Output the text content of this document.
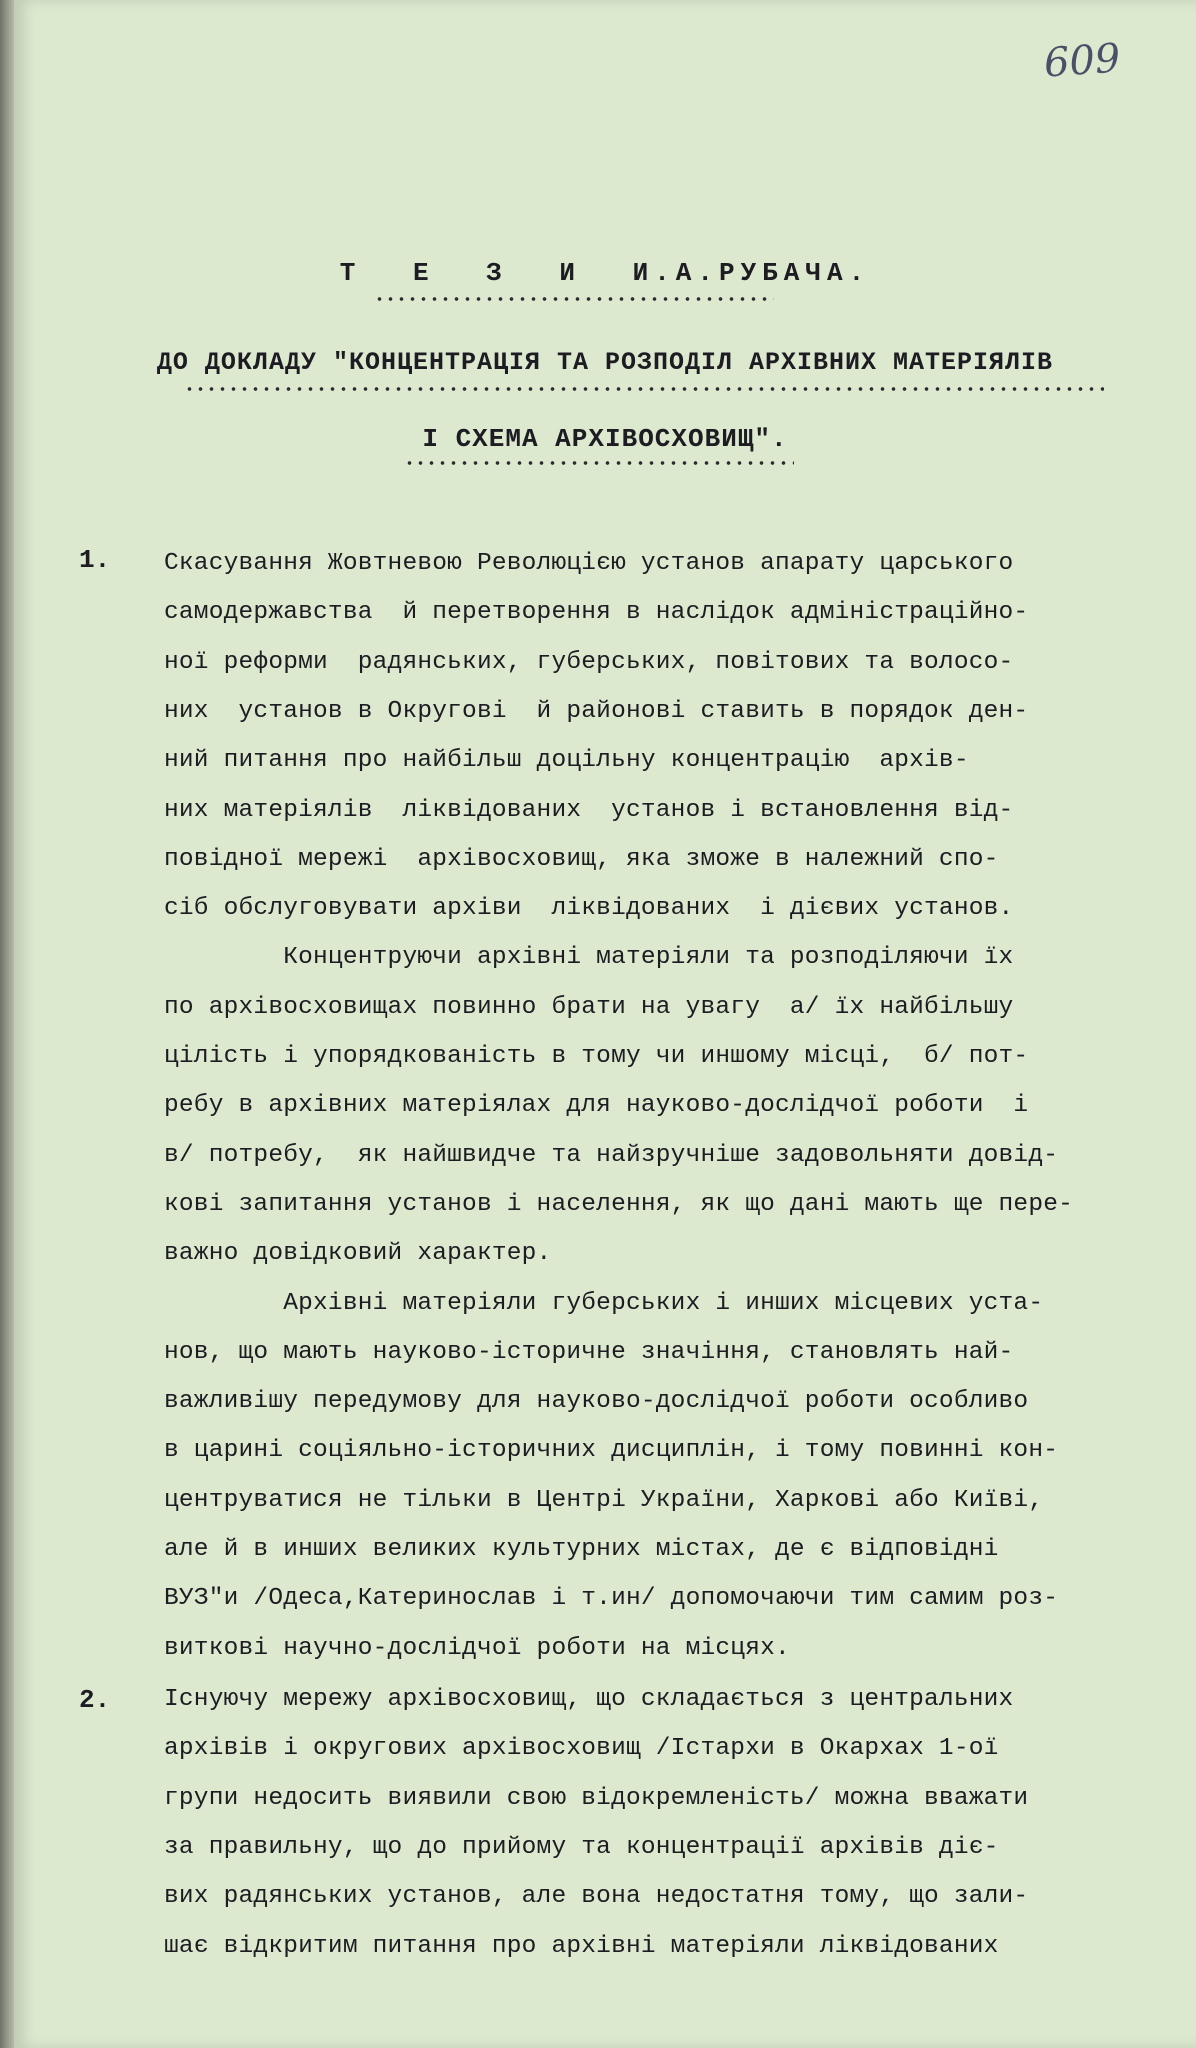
609
Т Е З И И.А.РУБАЧА.
ДО ДОКЛАДУ "КОНЦЕНТРАЦІЯ ТА РОЗПОДІЛ АРХІВНИХ МАТЕРІЯЛІВ
І СХЕМА АРХІВОСХОВИЩ".
1.
2.
Скасування Жовтневою Революцією установ апарату царського
самодержавства  й перетворення в наслідок адміністраційно-
ної реформи  радянських, губерських, повітових та волосо-
них  установ в Округові  й районові ставить в порядок ден-
ний питання про найбільш доцільну концентрацію  архів-
них матеріялів  ліквідованих  установ і встановлення від-
повідної мережі  архівосховищ, яка зможе в належний спо-
сіб обслуговувати архіви  ліквідованих  і дієвих установ.
Концентруючи архівні матеріяли та розподіляючи їх
по архівосховищах повинно брати на увагу  а/ їх найбільшу
цілість і упорядкованість в тому чи иншому місці,  б/ пот-
ребу в архівних матеріялах для науково-дослідчої роботи  і
в/ потребу,  як найшвидче та найзручніше задовольняти довід-
кові запитання установ і населення, як що дані мають ще пере-
важно довідковий характер.
Архівні матеріяли губерських і инших місцевих уста-
нов, що мають науково-історичне значіння, становлять най-
важливішу передумову для науково-дослідчої роботи особливо
в царині соціяльно-історичних дисциплін, і тому повинні кон-
центруватися не тільки в Центрі України, Харкові або Київі,
але й в инших великих культурних містах, де є відповідні
ВУЗ"и /Одеса,Катеринослав і т.ин/ допомочаючи тим самим роз-
виткові научно-дослідчої роботи на місцях.
Існуючу мережу архівосховищ, що складається з центральних
архівів і округових архівосховищ /Істархи в Окархах 1-ої
групи недосить виявили свою відокремленість/ можна вважати
за правильну, що до прийому та концентрації архівів діє-
вих радянських установ, але вона недостатня тому, що зали-
шає відкритим питання про архівні матеріяли ліквідованих
